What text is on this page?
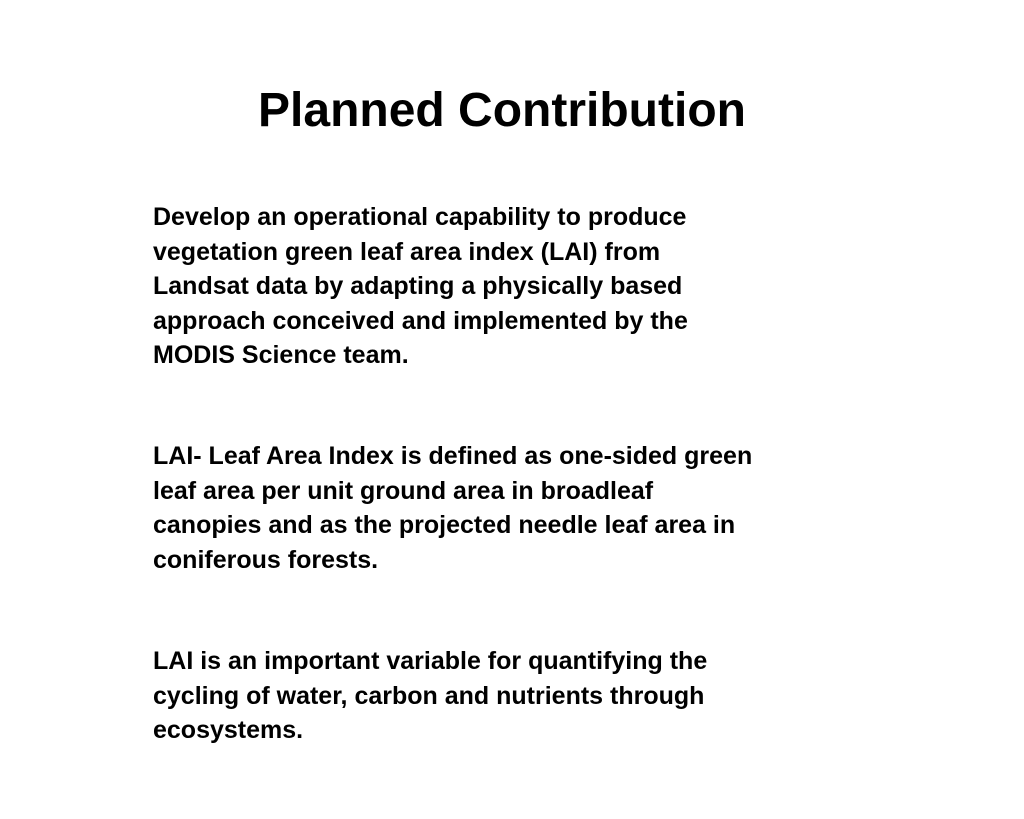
Planned Contribution

Develop an operational capability to produce
vegetation green leaf area index (LAI) from
Landsat data by adapting a physically based
approach conceived and implemented by the
MODIS Science team.

LAI- Leaf Area Index is defined as one-sided green
leaf area per unit ground area in broadleaf
canopies and as the projected needle leaf area in
coniferous forests.

LAI is an important variable for quantifying the
cycling of water, carbon and nutrients through
ecosystems.
